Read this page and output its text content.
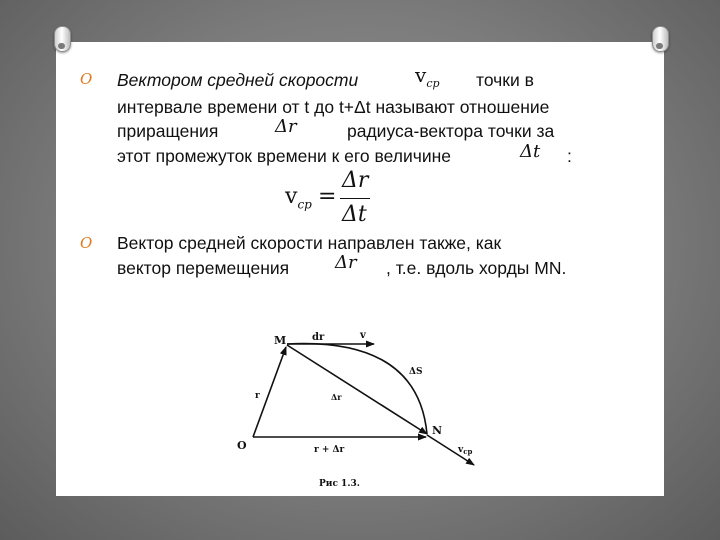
O Вектором средней скорости	$v_{cp}$ точки в
интервале времени от t до t+Δt называют отношение
приращения	Δr	радиуса-вектора точки за
этот промежуток времени к его величине	Δt :
$v_{cp}$ =
Δr
Δt
O Вектор средней скорости направлен также, как
вектор перемещения	Δr , т.е. вдоль хорды MN.
M
O
N
dr	v
ΔS
r	Δr
r + Δr	$v_{cp}$
Рис 1.3.
